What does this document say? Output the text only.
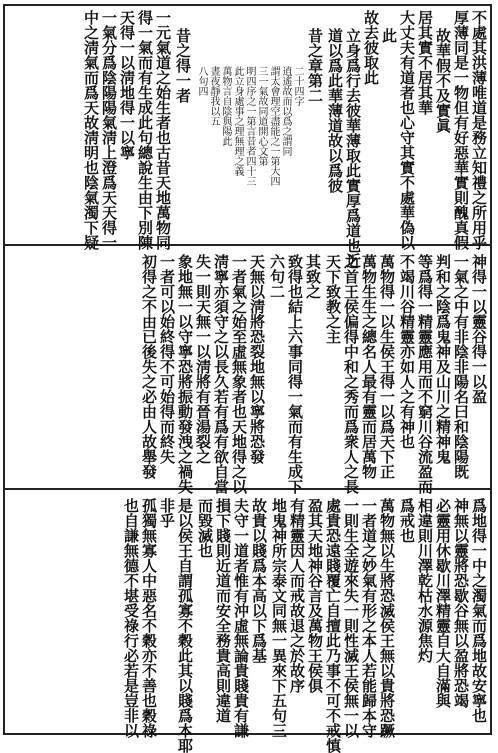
不處其洪薄唯道是務立知禮之所用乎
厚薄同是一物但有好惡華實則醜真假
故華假不及實眞
居其實不居其華
大丈夫有道者也心守其實不處華偽以
此
故去彼取此
立身爲行去彼華薄取此實厚爲道也近
道以爲此華薄道故以爲彼
昔之章第二
二十四字
逍遙故而以爲之謂同
謂太會理空盡能之一第大四
三一氣故同道開心文第
明四序之一第言昔者四十三
此立身處事之理無理之義
萬物言自陰與陽此
晝夜靜我以五
八句四
昔之得一者
一元氣道之始生者也古昔天地萬物同
得一氣而有生成此句總說生由下別陳
天得一以淸地得一以寧
一氣分爲陰陽陽氣淸上澄爲天天得一
中之淸氣而爲天故淸明也陰氣濁下疑
神得一以靈谷得一以盈
一氣之中有非陰非陽名曰和陰陽既
判和之陰爲鬼神及山川之精神鬼
等爲得一精靈應用而不窮川谷流盈而
不竭川谷精靈亦如人之有神也
萬物得一以生侯王得一以爲天下正
萬物生生之總名人最有靈而居萬物
之首王侯偏得中和之秀而爲衆人之長
天下致教之主
其致之
致得也結上六事同得一氣而有生成下
六句二
天無以淸將恐裂地無以寧將恐發
一者氣之始至虛無象者也天地得之以
淸寧亦須守之以長久若有爲有欲自當
失一則天無一以淸將有晉湯裂之
象地無一以守寧恐將振動發洩之禍失
一者可以始終得不可始得而終失
初得之不由已後失之必由人故舉發
爲地得一中之濁氣而爲地故安寧也
神無以靈將恐歇谷無以盈將恐竭
必靈用休歇川澤精靈自大自滿與
相違則川澤乾枯水源焦灼
爲戒也
萬物無以生將恐滅侯王無以貴將恐蹶
一者道之妙氣有形之本人若能歸本守
一則生全遊來失一則性滅王侯無一以
處貴恐遠賤覆亡自擅此乃事不可不戒慎
盈其天地神谷言及萬物王侯俱
有精靈因人而戒故退之於故序
地鬼神所宗泰文同無一異來下五句三
故貴以賤爲本高以下爲基
夫守一道者惟有沖虛無論貴賤貴有謙
損下賤則近道而安全務貴高則違道
而毀滅也
是以侯王自謂孤寡不穀此其以賤爲本耶
非乎
孤獨無寡人中惡名不穀亦不善也穀祿
也自謙無德不堪受祿行必若是豈非以
